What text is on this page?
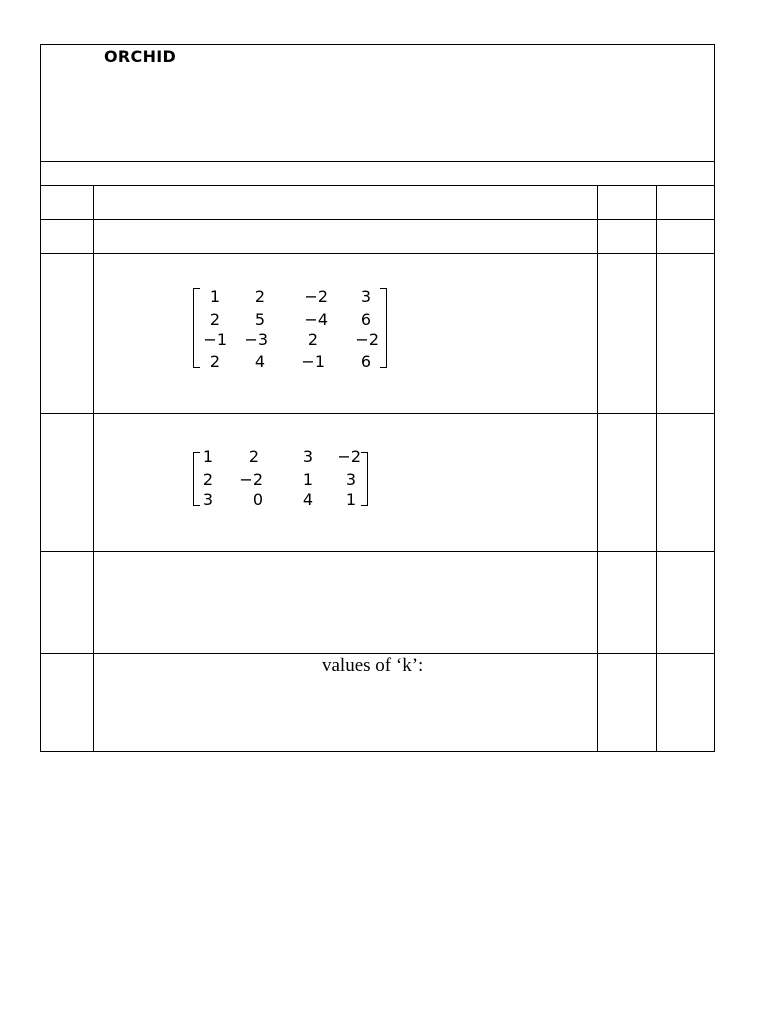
ORCHID
1	2	−2	3
2	5	−4	6
−1	−3	2	−2
2	4	−1	6
1	2	3	−2
2	−2	1	3
3	0	4	1
values of ‘k’:
